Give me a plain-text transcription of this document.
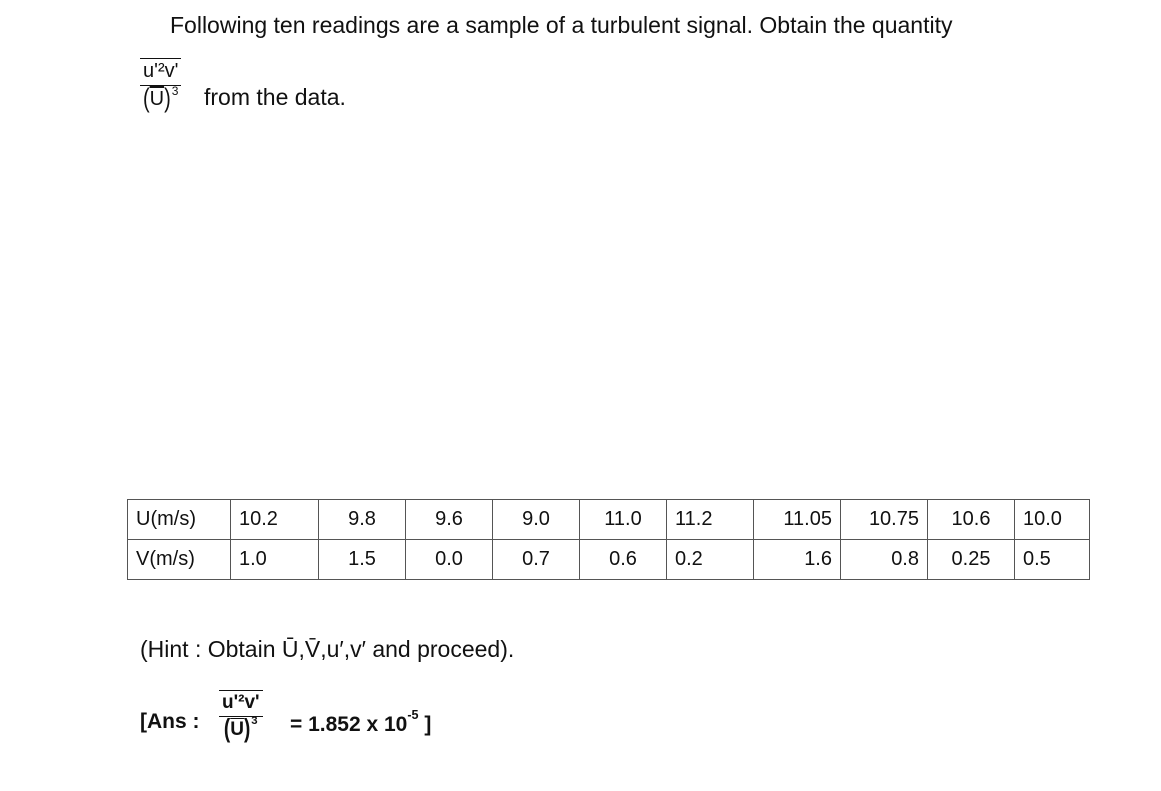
Following ten readings are a sample of a turbulent signal. Obtain the quantity
$\frac{\text{u'²v'}}{( \overline{U} )^3}$ from the data.
U(m/s)	10.2	9.8	9.6	9.0	11.0	11.2	11.05	10.75	10.6	10.0
V(m/s)	1.0	1.5	0.0	0.7	0.6	0.2	1.6	0.8	0.25	0.5
(Hint : Obtain Ū,V̄,u′,v′ and proceed).
[Ans : $\frac{\text{u'²v'}}{( \overline{U} )^3} = 1.852$ x $10^{-5}$ ]
